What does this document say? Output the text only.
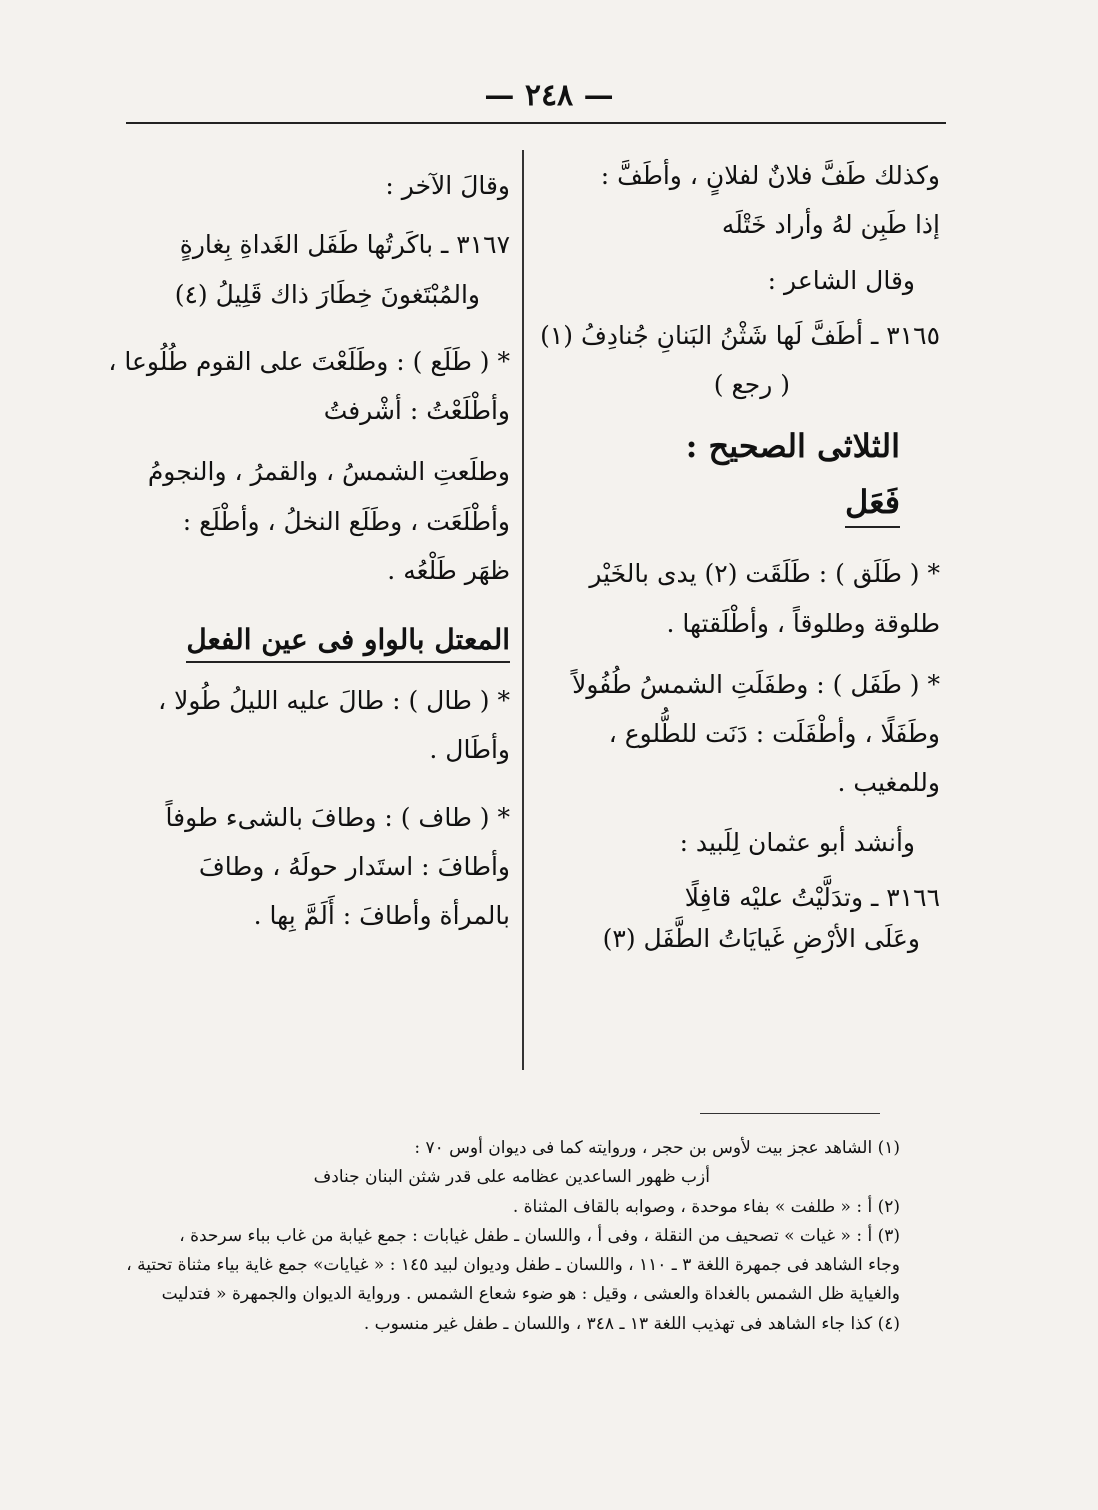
— ٢٤٨ —

وكذلك طَفَّ فلانٌ لفلانٍ ، وأطَفَّ :

إذا طَبِن لهُ وأراد خَتْلَه

وقال الشاعر :

٣١٦٥ ـ أطَفَّ لَها شَثْنُ البَنانِ جُنادِفُ (١)

( رجع )

الثلاثى الصحيح :

فَعَل

* ( طَلَق ) : طَلَقَت (٢) يدى بالخَيْر

طلوقة وطلوقاً ، وأطْلَقتها .

* ( طَفَل ) : وطفَلَتِ الشمسُ طُفُولاً

وطَفَلًا ، وأطْفَلَت : دَنَت للطُّلوع ،

وللمغيب .

وأنشد أبو عثمان لِلَبيد :

٣١٦٦ ـ وتدَلَّيْتُ عليْه قافِلًا

وعَلَى الأرْضِ غَيايَاتُ الطَّفَل (٣)

وقالَ الآخر :

٣١٦٧ ـ باكَرتُها طَفَل الغَداةِ بِغارةٍ

والمُبْتَغونَ خِطَارَ ذاك قَلِيلُ (٤)

* ( طَلَع ) : وطَلَعْتَ على القوم طُلُوعا ،

وأطْلَعْتُ : أشْرفتُ

وطلَعتِ الشمسُ ، والقمرُ ، والنجومُ

وأطْلَعَت ، وطَلَع النخلُ ، وأطْلَع :

ظهَر طَلْعُه .

المعتل بالواو فى عين الفعل

* ( طال ) : طالَ عليه الليلُ طُولا ،

وأطَال .

* ( طاف ) : وطافَ بالشىء طوفاً

وأطافَ : استَدار حولَهُ ، وطافَ

بالمرأة وأطافَ : أَلَمَّ بِها .

(١) الشاهد عجز بيت لأوس بن حجر ، وروايته كما فى ديوان أوس ٧٠ :

أزب ظهور الساعدين عظامه على قدر شثن البنان جنادف

(٢) أ : « طلفت » بفاء موحدة ، وصوابه بالقاف المثناة .

(٣) أ : « غيات » تصحيف من النقلة ، وفى أ ، واللسان ـ طفل غيابات : جمع غيابة من غاب بباء سرحدة ،

وجاء الشاهد فى جمهرة اللغة ٣ ـ ١١٠ ، واللسان ـ طفل وديوان لبيد ١٤٥ : « غيايات» جمع غاية بياء مثناة تحتية ،

والغياية ظل الشمس بالغداة والعشى ، وقيل : هو ضوء شعاع الشمس . ورواية الديوان والجمهرة « فتدليت

(٤) كذا جاء الشاهد فى تهذيب اللغة ١٣ ـ ٣٤٨ ، واللسان ـ طفل غير منسوب .
